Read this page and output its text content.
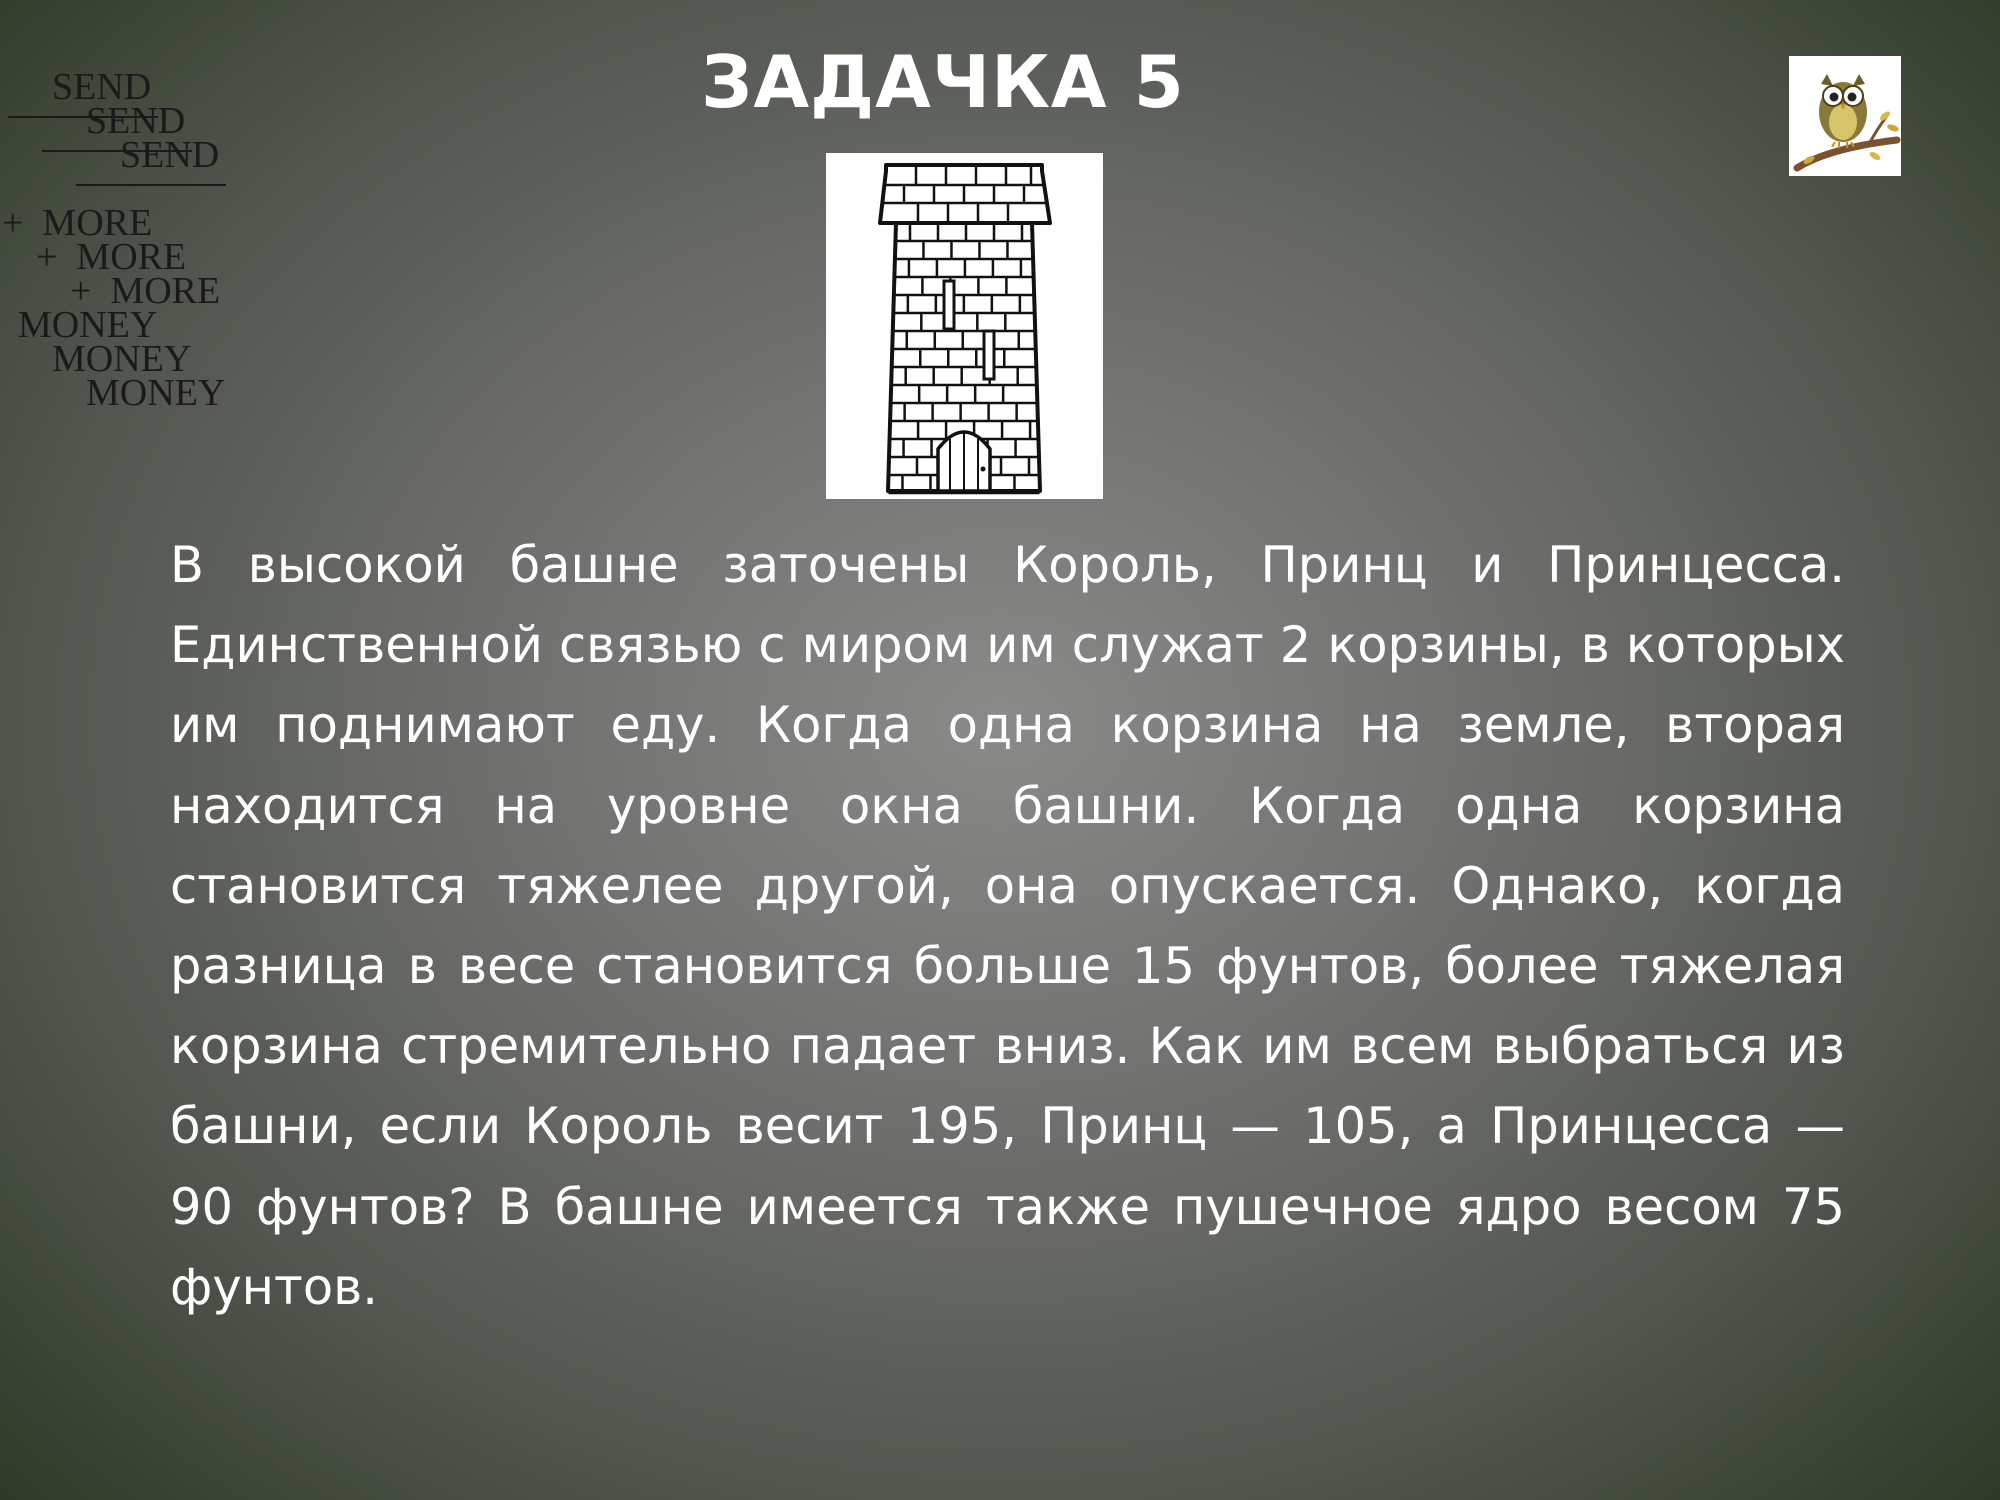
SEND

+  MORE

MONEY

SEND

+  MORE

MONEY

SEND

+  MORE

MONEY

ЗАДАЧКА 5
В высокой башне заточены Король, Принц и Принцесса. Единственной связью с миром им служат 2 корзины, в которых им поднимают еду. Когда одна корзина на земле, вторая находится на уровне окна башни. Когда одна корзина становится тяжелее другой, она опускается. Однако, когда разница в весе становится больше 15 фунтов, более тяжелая корзина стремительно падает вниз. Как им всем выбраться из башни, если Король весит 195, Принц — 105, а Принцесса — 90 фунтов? В башне имеется также пушечное ядро весом 75 фунтов.
